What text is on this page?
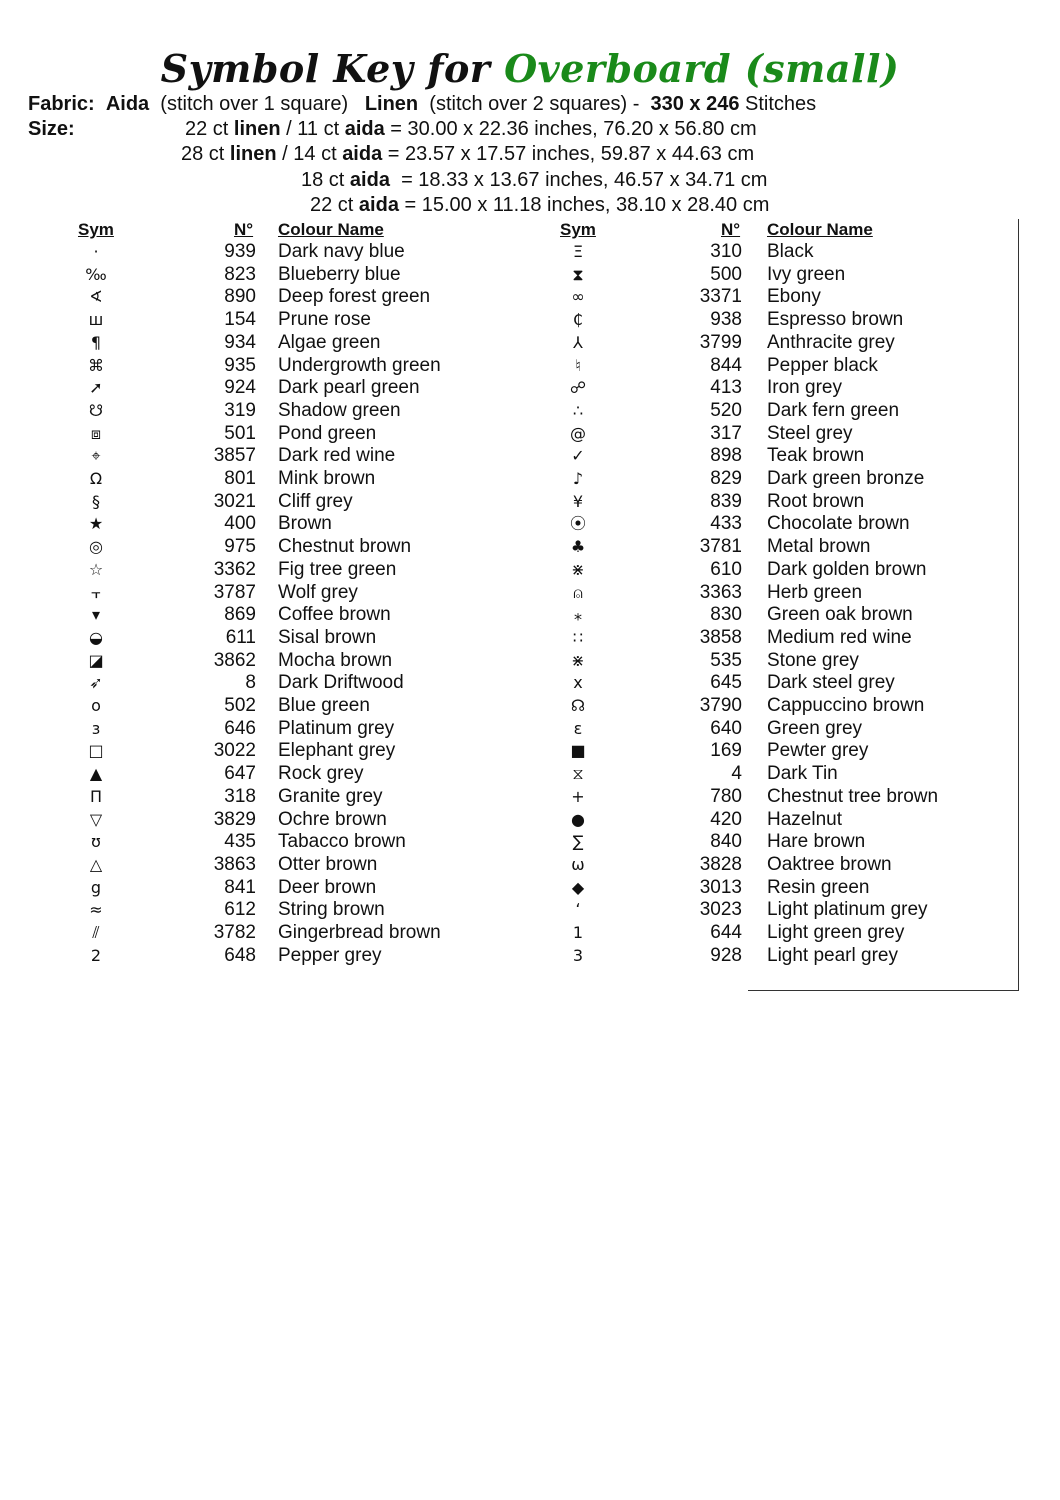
Symbol Key for Overboard (small)
Fabric: Aida (stitch over 1 square) Linen (stitch over 2 squares) - 330 x 246 Stitches
Size:	22 ct linen / 11 ct aida = 30.00 x 22.36 inches, 76.20 x 56.80 cm
28 ct linen / 14 ct aida = 23.57 x 17.57 inches, 59.87 x 44.63 cm
18 ct aida  = 18.33 x 13.67 inches, 46.57 x 34.71 cm
22 ct aida = 15.00 x 11.18 inches, 38.10 x 28.40 cm
Sym	N° Colour Name	Sym	N° Colour Name
·	939 Dark navy blue	Ξ	310 Black
‰	823 Blueberry blue	⧗	500 Ivy green
∢	890 Deep forest green	∞	3371 Ebony
ш	154 Prune rose	₵	938 Espresso brown
¶	934 Algae green	⅄	3799 Anthracite grey
⌘	935 Undergrowth green	♮	844 Pepper black
➚	924 Dark pearl green	☍	413 Iron grey
☋	319 Shadow green	∴	520 Dark fern green
⧈	501 Pond green	@	317 Steel grey
⌖	3857 Dark red wine	✓	898 Teak brown
Ω	801 Mink brown	♪	829 Dark green bronze
§	3021 Cliff grey	¥	839 Root brown
★	400 Brown	⦿	433 Chocolate brown
◎	975 Chestnut brown	♣	3781 Metal brown
☆	3362 Fig tree green	⋇	610 Dark golden brown
⫟	3787 Wolf grey	⍝	3363 Herb green
▾	869 Coffee brown	⁎	830 Green oak brown
◒	611 Sisal brown	∷	3858 Medium red wine
◪	3862 Mocha brown	⋇	535 Stone grey
➶	8 Dark Driftwood	x	645 Dark steel grey
o	502 Blue green	☊	3790 Cappuccino brown
ɜ	646 Platinum grey	ε	640 Green grey
□	3022 Elephant grey	■	169 Pewter grey
▲	647 Rock grey	⧖	4 Dark Tin
Π	318 Granite grey	+	780 Chestnut tree brown
▽	3829 Ochre brown	●	420 Hazelnut
ʊ	435 Tabacco brown	∑	840 Hare brown
△	3863 Otter brown	ω	3828 Oaktree brown
g	841 Deer brown	◆	3013 Resin green
≈	612 String brown	ʻ	3023 Light platinum grey
⫽	3782 Gingerbread brown	1	644 Light green grey
2	648 Pepper grey	3	928 Light pearl grey
